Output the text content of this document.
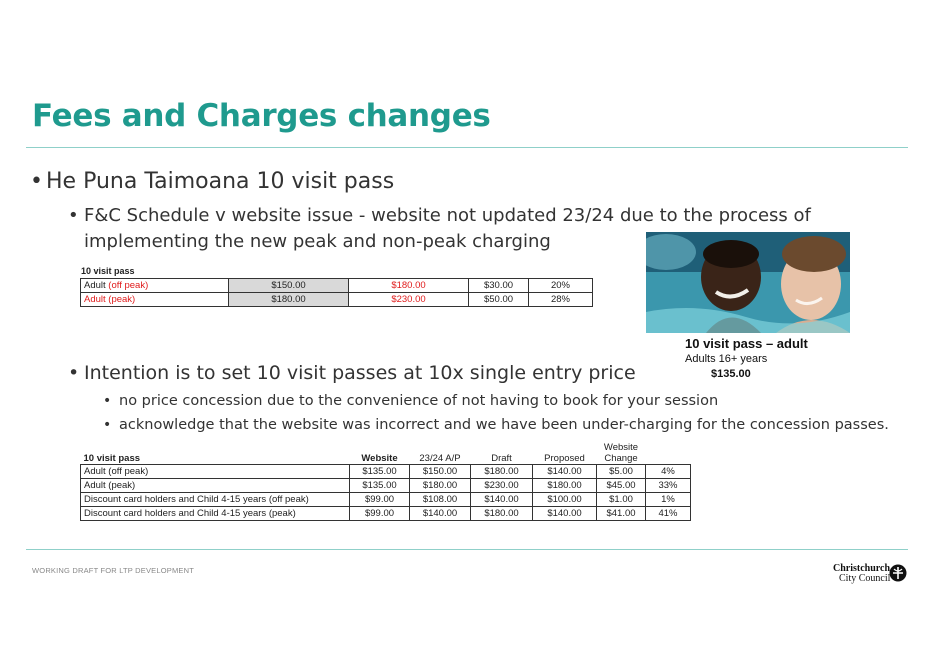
Fees and Charges changes
• He Puna Taimoana 10 visit pass
• F&C Schedule v website issue - website not updated 23/24 due to the process of
implementing the new peak and non-peak charging
10 visit pass
Adult (off peak)	$150.00	$180.00	$30.00	20%
Adult (peak)	$180.00	$230.00	$50.00	28%
10 visit pass – adult
Adults 16+ years
$135.00
• Intention is to set 10 visit passes at 10x single entry price
• no price concession due to the convenience of not having to book for your session
• acknowledge that the website was incorrect and we have been under-charging for the concession passes.
10 visit pass	Website	23/24 A/P	Draft	Proposed	Website
Change	
Adult (off peak)	$135.00	$150.00	$180.00	$140.00	$5.00	4%
Adult (peak)	$135.00	$180.00	$230.00	$180.00	$45.00	33%
Discount card holders and Child 4-15 years (off peak)	$99.00	$108.00	$140.00	$100.00	$1.00	1%
Discount card holders and Child 4-15 years (peak)	$99.00	$140.00	$180.00	$140.00	$41.00	41%
WORKING DRAFT FOR LTP DEVELOPMENT	Christchurch
City Council
